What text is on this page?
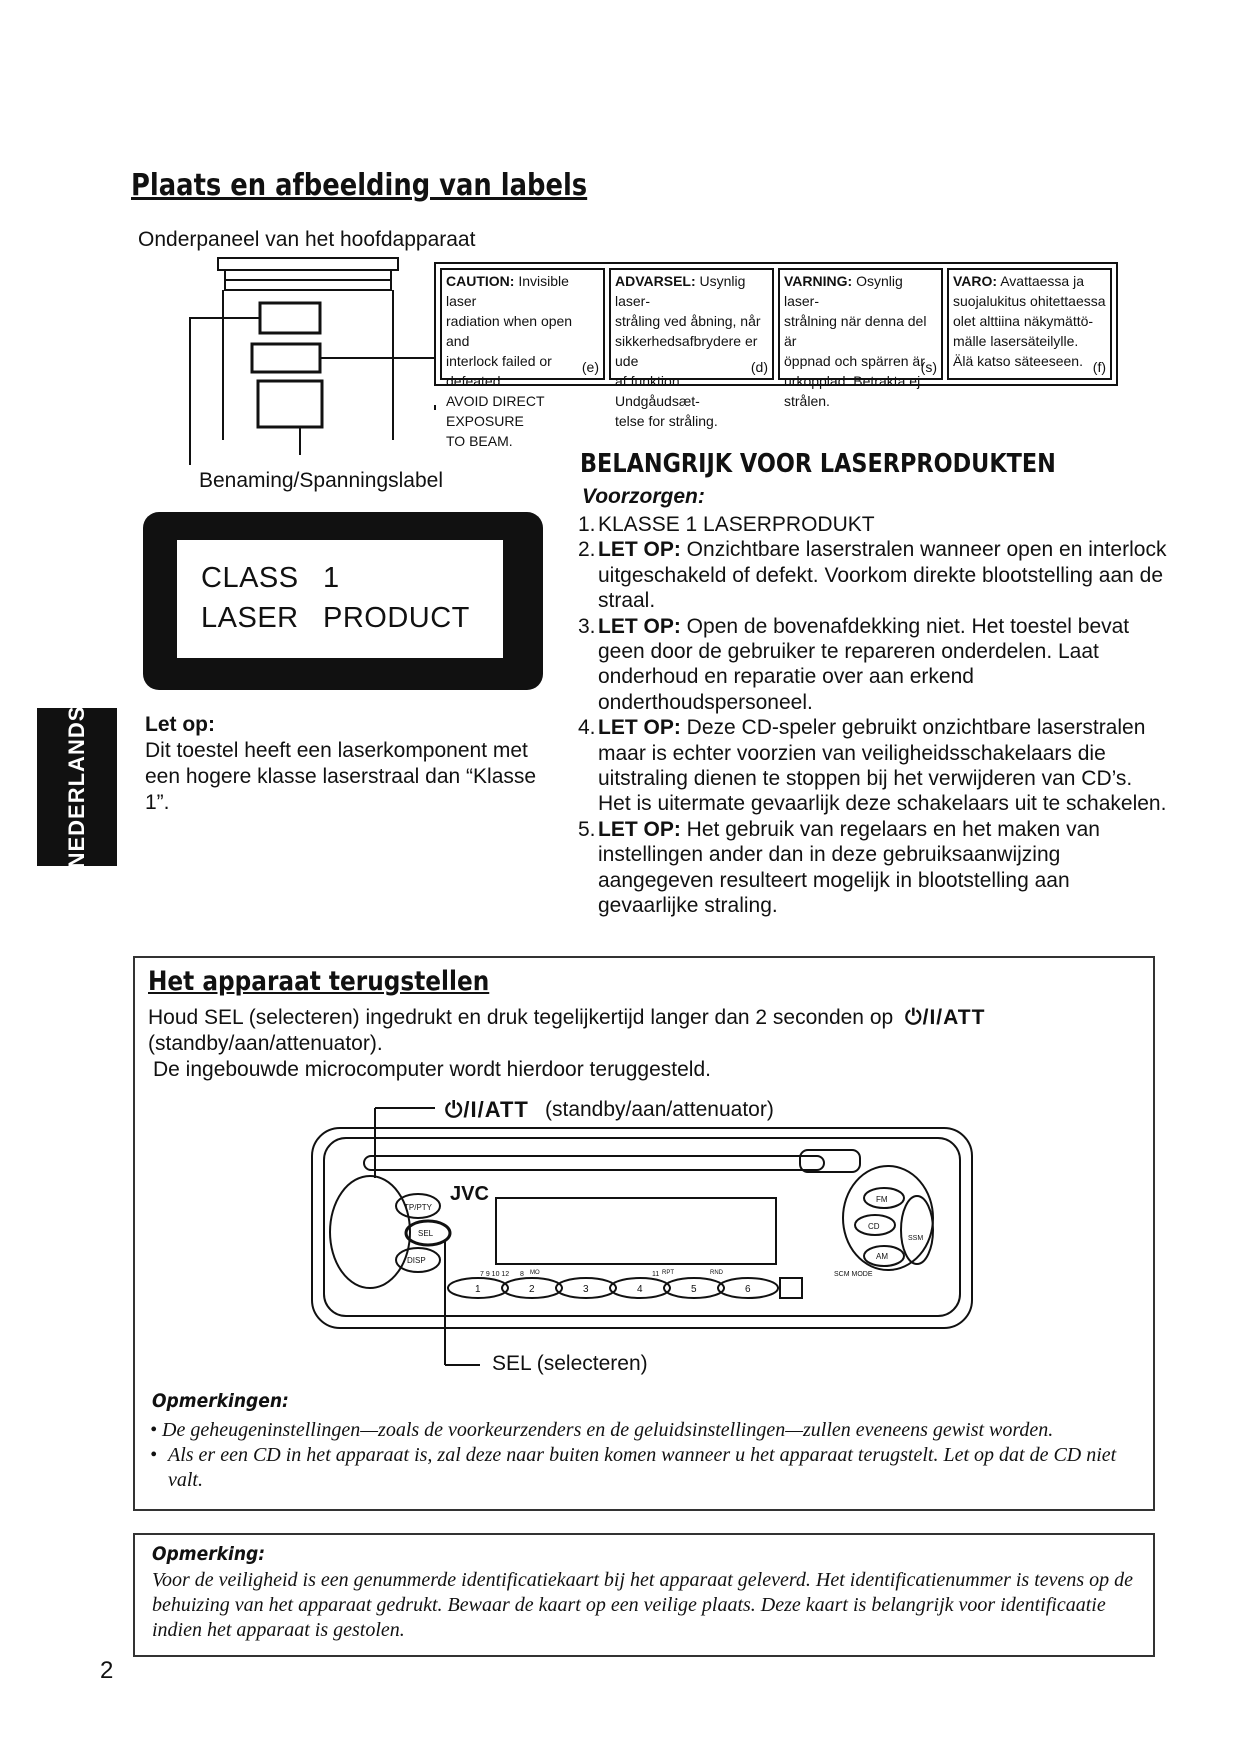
Plaats en afbeelding van labels
Onderpaneel van het hoofdapparaat
CAUTION: Invisible laser
radiation when open and
interlock failed or defeated.
AVOID DIRECT EXPOSURE
TO BEAM.
(e)
ADVARSEL: Usynlig laser-
stråling ved åbning, når
sikkerhedsafbrydere er ude
af funktion. Undgåudsæt-
telse for stråling.
(d)
VARNING: Osynlig laser-
strålning när denna del är
öppnad och spärren är
urkopplad. Betrakta ej
strålen.
(s)
VARO: Avattaessa ja
suojalukitus ohitettaessa
olet alttiina näkymättö-
mälle lasersäteilylle.
Älä katso säteeseen. (f)
Benaming/Spanningslabel
CLASS 1
LASER PRODUCT
NEDERLANDS	Let op:
Dit toestel heeft een laserkomponent met een hogere klasse laserstraal dan “Klasse 1”.
BELANGRIJK VOOR LASERPRODUKTEN
Voorzorgen:
1. KLASSE 1 LASERPRODUKT
2. LET OP: Onzichtbare laserstralen wanneer open en interlock uitgeschakeld of defekt. Voorkom direkte blootstelling aan de straal.
3. LET OP: Open de bovenafdekking niet. Het toestel bevat geen door de gebruiker te repareren onderdelen. Laat onderhoud en reparatie over aan erkend onderthoudspersoneel.
4. LET OP: Deze CD-speler gebruikt onzichtbare laserstralen maar is echter voorzien van veiligheidsschakelaars die uitstraling dienen te stoppen bij het verwijderen van CD’s. Het is uitermate gevaarlijk deze schakelaars uit te schakelen.
5. LET OP: Het gebruik van regelaars en het maken van instellingen ander dan in deze gebruiksaanwijzing aangegeven resulteert mogelijk in blootstelling aan gevaarlijke straling.
Het apparaat terugstellen
Houd SEL (selecteren) ingedrukt en druk tegelijkertijd langer dan 2 seconden op ⏻/I/ATT
(standby/aan/attenuator).
De ingebouwde microcomputer wordt hierdoor teruggesteld.
⏻/I/ATT (standby/aan/attenuator)
JVC
TP/PTY
SEL
DISP
FM
CD
AM
SSM
SCM MODE
1	2	3	4	5	6
7 9 10 12 8 MO	11 RPT	RND
SEL (selecteren)
Opmerkingen:
• De geheugeninstellingen—zoals de voorkeurzenders en de geluidsinstellingen—zullen eveneens gewist worden.
• Als er een CD in het apparaat is, zal deze naar buiten komen wanneer u het apparaat terugstelt. Let op dat de CD niet valt.
Opmerking:
Voor de veiligheid is een genummerde identificatiekaart bij het apparaat geleverd. Het identificatienummer is tevens op de behuizing van het apparaat gedrukt. Bewaar de kaart op een veilige plaats. Deze kaart is belangrijk voor identificaatie indien het apparaat is gestolen.
2
